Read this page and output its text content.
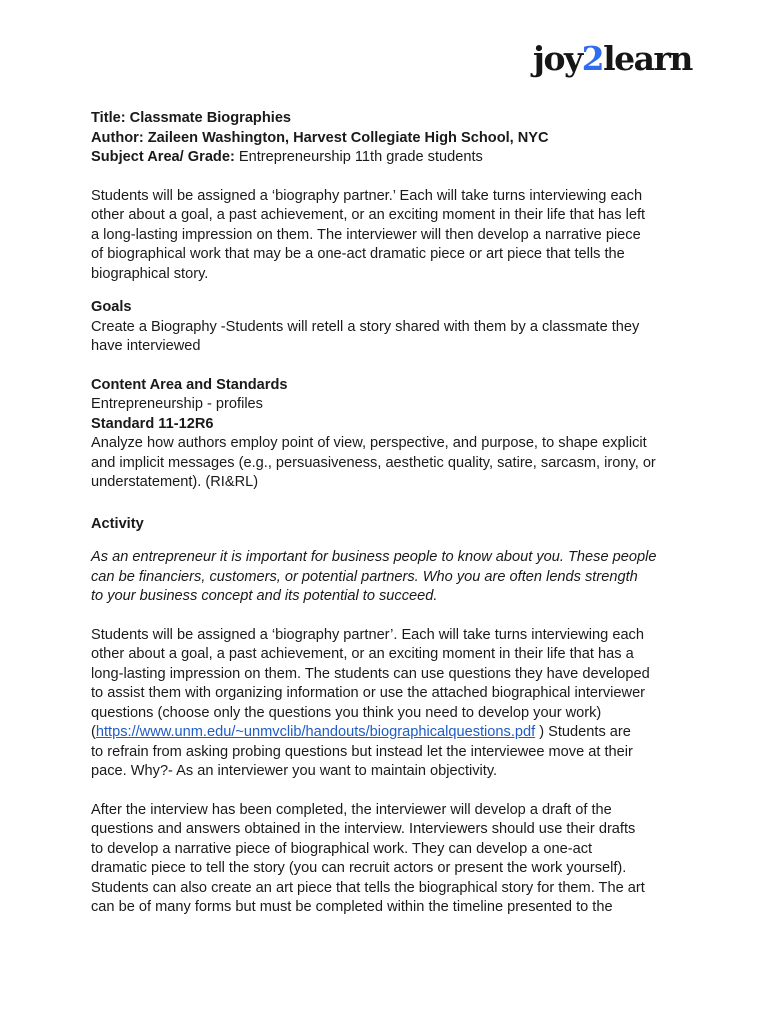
joy2learn

Title: Classmate Biographies

Author: Zaileen Washington, Harvest Collegiate High School, NYC

Subject Area/ Grade: Entrepreneurship 11th grade students

Students will be assigned a ‘biography partner.’ Each will take turns interviewing each

other about a goal, a past achievement, or an exciting moment in their life that has left

a long-lasting impression on them. The interviewer will then develop a narrative piece

of biographical work that may be a one-act dramatic piece or art piece that tells the

biographical story.

Goals

Create a Biography -Students will retell a story shared with them by a classmate they

have interviewed

Content Area and Standards

Entrepreneurship - profiles

Standard 11-12R6

Analyze how authors employ point of view, perspective, and purpose, to shape explicit

and implicit messages (e.g., persuasiveness, aesthetic quality, satire, sarcasm, irony, or

understatement). (RI&RL)

Activity

As an entrepreneur it is important for business people to know about you. These people

can be financiers, customers, or potential partners. Who you are often lends strength

to your business concept and its potential to succeed.

Students will be assigned a ‘biography partner’. Each will take turns interviewing each

other about a goal, a past achievement, or an exciting moment in their life that has a

long-lasting impression on them. The students can use questions they have developed

to assist them with organizing information or use the attached biographical interviewer

questions (choose only the questions you think you need to develop your work)

(https://www.unm.edu/~unmvclib/handouts/biographicalquestions.pdf ) Students are

to refrain from asking probing questions but instead let the interviewee move at their

pace. Why?- As an interviewer you want to maintain objectivity.

After the interview has been completed, the interviewer will develop a draft of the

questions and answers obtained in the interview. Interviewers should use their drafts

to develop a narrative piece of biographical work. They can develop a one-act

dramatic piece to tell the story (you can recruit actors or present the work yourself).

Students can also create an art piece that tells the biographical story for them. The art

can be of many forms but must be completed within the timeline presented to the
